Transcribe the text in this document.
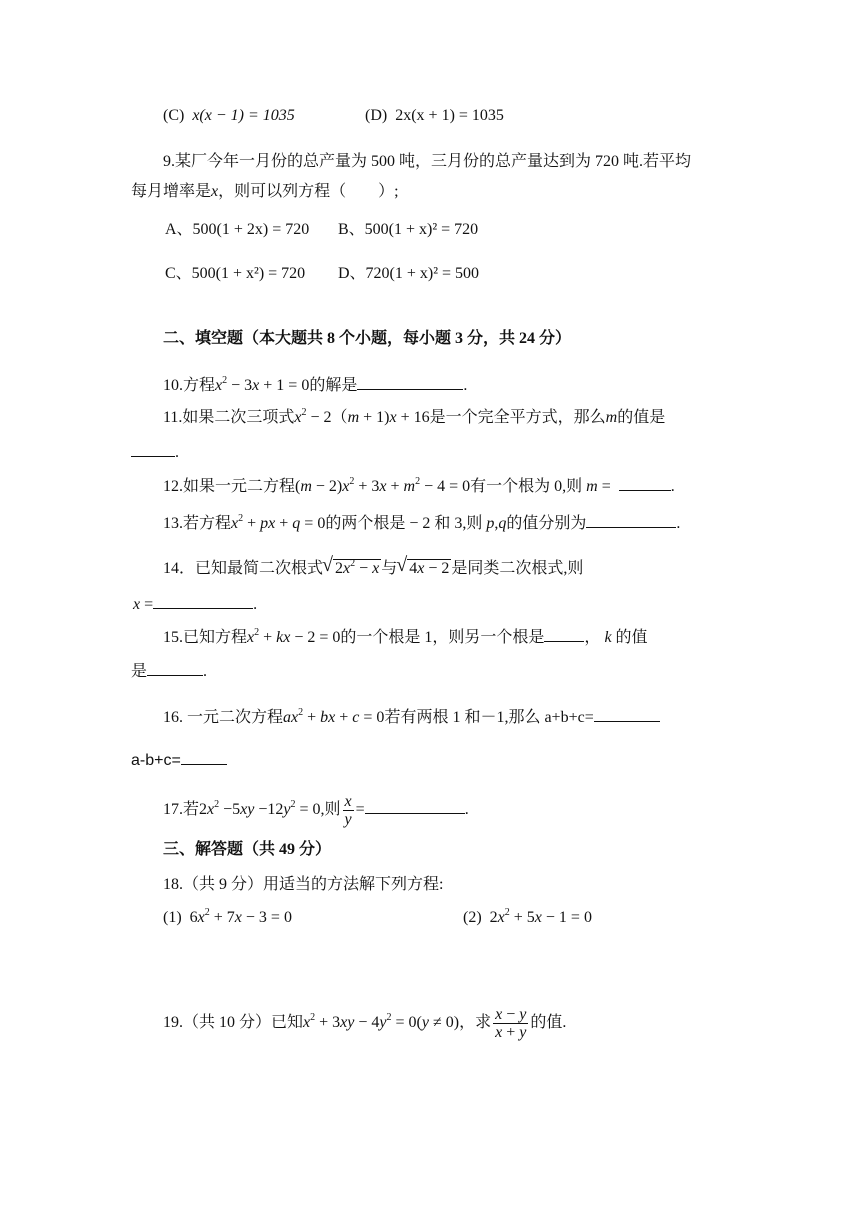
(C) x(x − 1) = 1035	(D) 2x(x + 1) = 1035
9.某厂今年一月份的总产量为 500 吨，三月份的总产量达到为 720 吨.若平均
每月增率是x，则可以列方程（　　）;
A、500(1 + 2x) = 720 B、500(1 + x)² = 720
C、500(1 + x²) = 720 D、720(1 + x)² = 500
二、填空题（本大题共 8 个小题，每小题 3 分，共 24 分）
10.方程$x^2 - 3x + 1 = 0$的解是	.
11.如果二次三项式$x^2 - 2(m + 1)x + 16$是一个完全平方式，那么m的值是
.
12.如果一元二方程$(m - 2)x^2 + 3x + m^2 - 4 = 0$有一个根为 0,则 m =	.
13.若方程$x^2$ + px + q = 0的两个根是 − 2 和 3,则 p,q的值分别为	.
14．已知最简二次根式 √ $2x^2 - x$ 与 √ 4x − 2 是同类二次根式,则
x =	.
15.已知方程$x^2$ + kx − 2 = 0的一个根是 1，则另一个根是	， k 的值
是	.
16. 一元二次方程$ax^2$ + bx + c = 0若有两根 1 和－1,那么 a+b+c=
a-b+c=
17.若$2x^2 -5xy -12y^2 = 0$,则 $\frac{x}{y}$ =	.
三、解答题（共 49 分）
18.（共 9 分）用适当的方法解下列方程:
(1)  $6x^2 + 7x - 3 = 0$	(2)  $2x^2 + 5x - 1 = 0$
19.（共 10 分）已知$x^2 + 3xy - 4y^2 = 0(y \ne 0)$，求 $\frac{x - y}{x + y}$ 的值.
